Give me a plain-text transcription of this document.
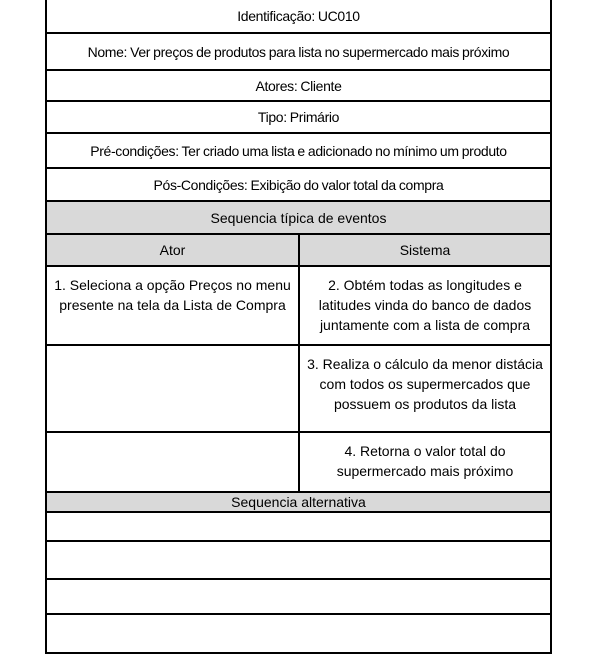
Identificação: UC010	
Nome: Ver preços de produtos para lista no supermercado mais próximo	
Atores: Cliente	
Tipo: Primário	
Pré-condições: Ter criado uma lista e adicionado no mínimo um produto	
Pós-Condições: Exibição do valor total da compra	
Sequencia típica de eventos	
Ator	Sistema
1. Seleciona a opção Preços no menu presente na tela da Lista de Compra	2. Obtém todas as longitudes e latitudes vinda do banco de dados juntamente com a lista de compra
	3. Realiza o cálculo da menor distácia com todos os supermercados que possuem os produtos da lista
	4. Retorna o valor total do supermercado mais próximo
Sequencia alternativa	
